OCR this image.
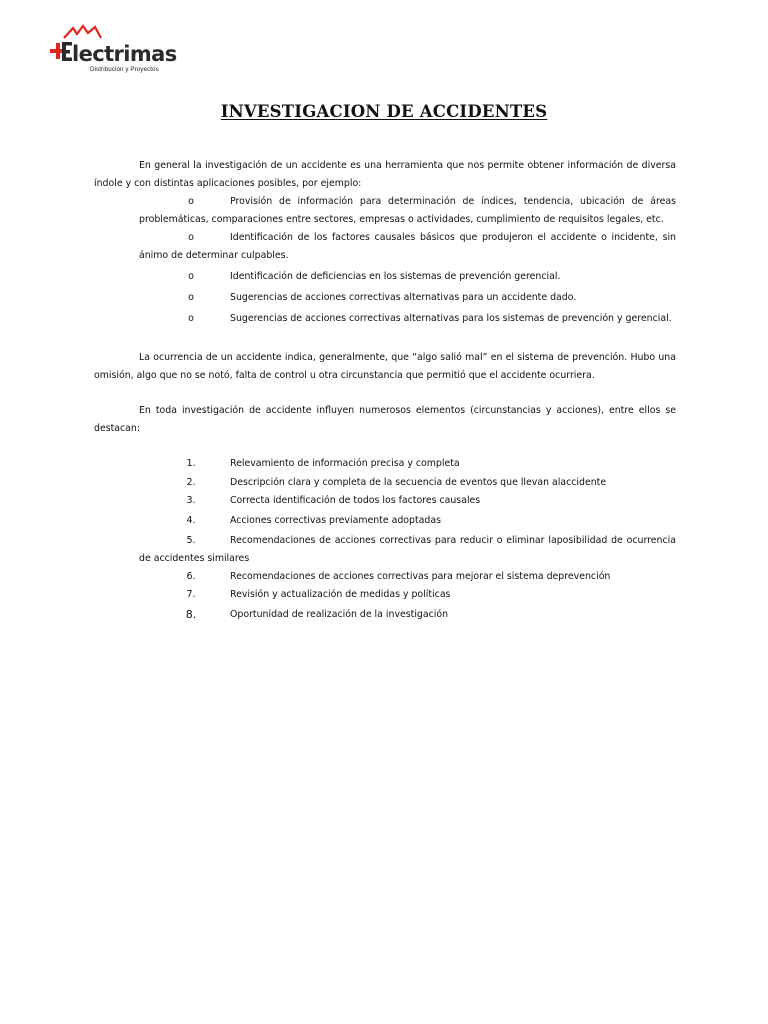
lectrimas
Distribución y Proyectos
INVESTIGACION DE ACCIDENTES

En general la investigación de un accidente es una herramienta que nos permite obtener información de diversa índole y con distintas aplicaciones posibles, por ejemplo:

o	Provisión de información para determinación de índices, tendencia, ubicación de áreas problemáticas, comparaciones entre sectores, empresas o actividades, cumplimiento de requisitos legales, etc.
o	Identificación de los factores causales básicos que produjeron el accidente o incidente, sin ánimo de determinar culpables.
o	Identificación de deficiencias en los sistemas de prevención gerencial.
o	Sugerencias de acciones correctivas alternativas para un accidente dado.
o	Sugerencias de acciones correctivas alternativas para los sistemas de prevención y gerencial.

La ocurrencia de un accidente indica, generalmente, que “algo salió mal” en el sistema de prevención. Hubo una omisión, algo que no se notó, falta de control u otra circunstancia que permitió que el accidente ocurriera.

En toda investigación de accidente influyen numerosos elementos (circunstancias y acciones), entre ellos se destacan:

1.	Relevamiento de información precisa y completa
2.	Descripción clara y completa de la secuencia de eventos que llevan alaccidente
3.	Correcta identificación de todos los factores causales
4.	Acciones correctivas previamente adoptadas
5.	Recomendaciones de acciones correctivas para reducir o eliminar laposibilidad de ocurrencia de accidentes similares
6.	Recomendaciones de acciones correctivas para mejorar el sistema deprevención
7.	Revisión y actualización de medidas y políticas
8.	Oportunidad de realización de la investigación
